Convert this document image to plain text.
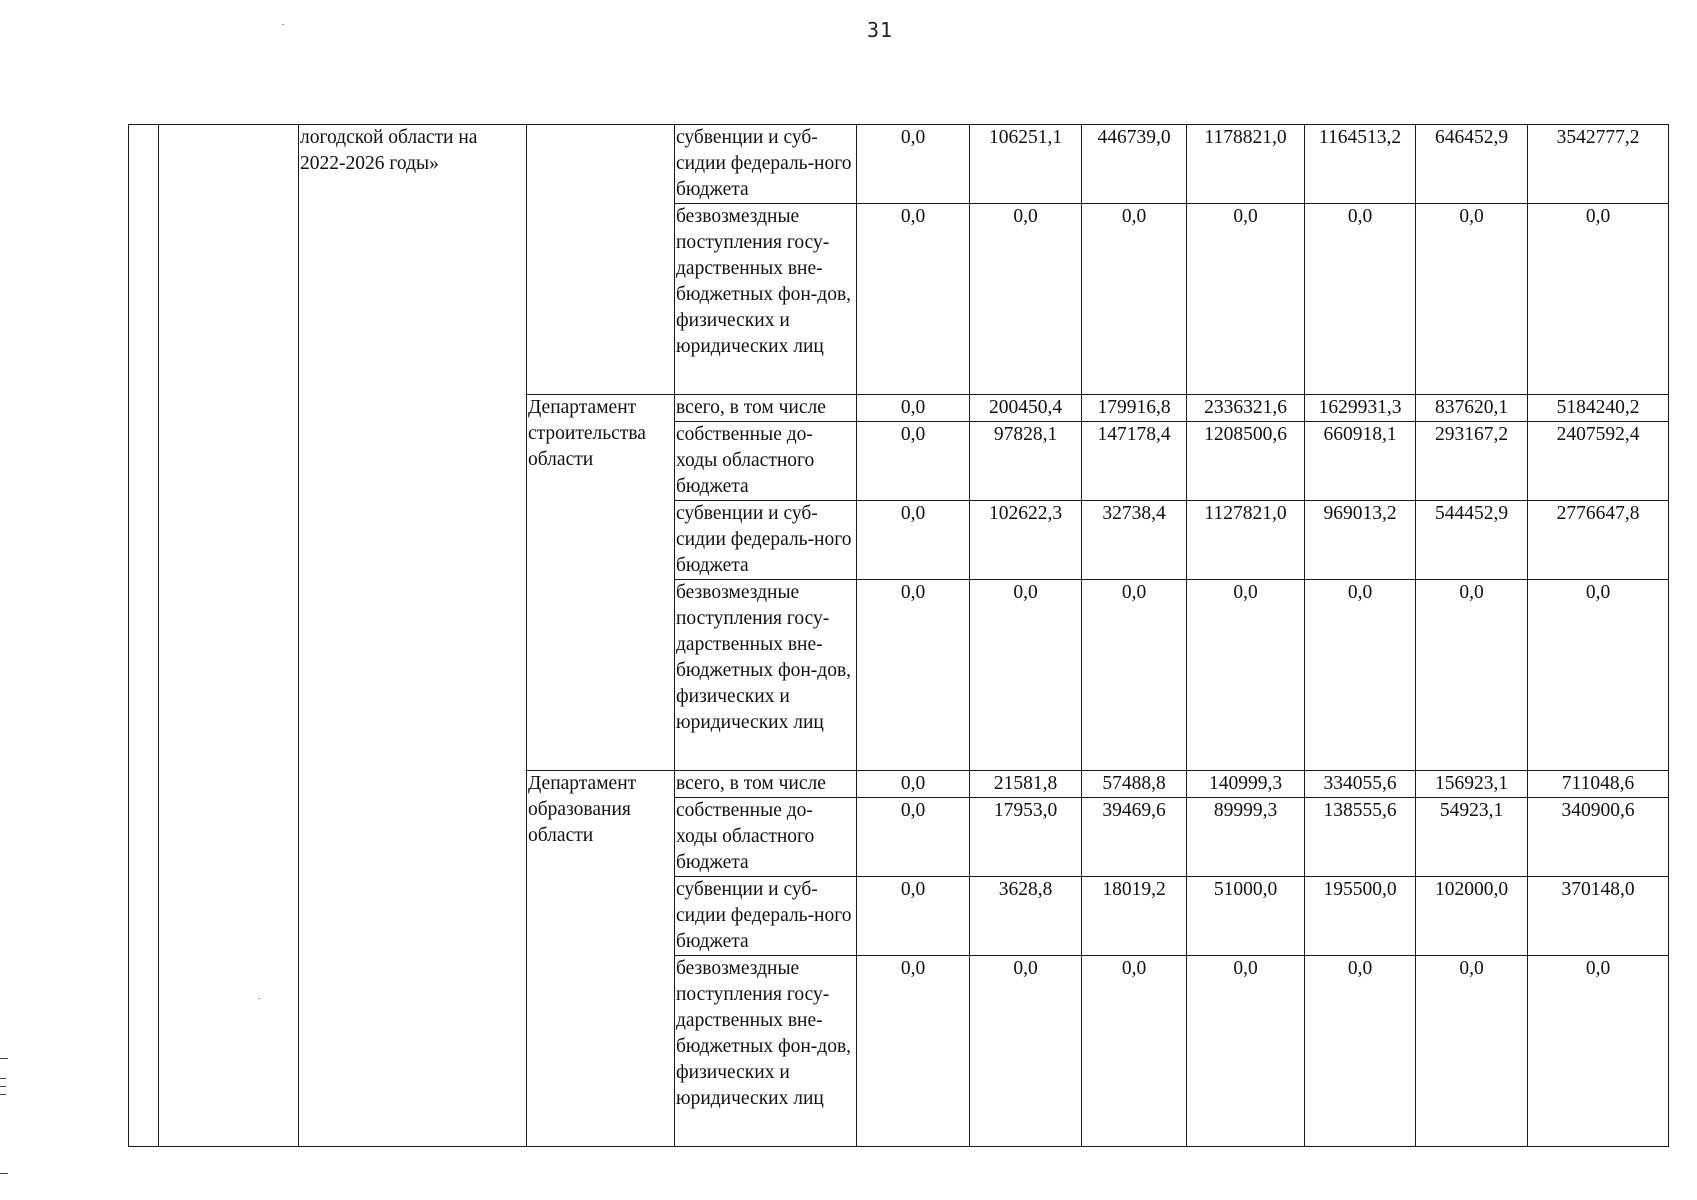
31
		логодской области на 2022-2026 годы»		субвенции и суб-сидии федераль-ного бюджета	0,0	106251,1	446739,0	1178821,0	1164513,2	646452,9	3542777,2
				безвозмездные поступления госу-дарственных вне-бюджетных фон-дов, физических и юридических лиц	0,0	0,0	0,0	0,0	0,0	0,0	0,0
			Департамент строительства области	всего, в том числе	0,0	200450,4	179916,8	2336321,6	1629931,3	837620,1	5184240,2
				собственные до-ходы областного бюджета	0,0	97828,1	147178,4	1208500,6	660918,1	293167,2	2407592,4
				субвенции и суб-сидии федераль-ного бюджета	0,0	102622,3	32738,4	1127821,0	969013,2	544452,9	2776647,8
				безвозмездные поступления госу-дарственных вне-бюджетных фон-дов, физических и юридических лиц	0,0	0,0	0,0	0,0	0,0	0,0	0,0
			Департамент образования области	всего, в том числе	0,0	21581,8	57488,8	140999,3	334055,6	156923,1	711048,6
				собственные до-ходы областного бюджета	0,0	17953,0	39469,6	89999,3	138555,6	54923,1	340900,6
				субвенции и суб-сидии федераль-ного бюджета	0,0	3628,8	18019,2	51000,0	195500,0	102000,0	370148,0
				безвозмездные поступления госу-дарственных вне-бюджетных фон-дов, физических и юридических лиц	0,0	0,0	0,0	0,0	0,0	0,0	0,0
